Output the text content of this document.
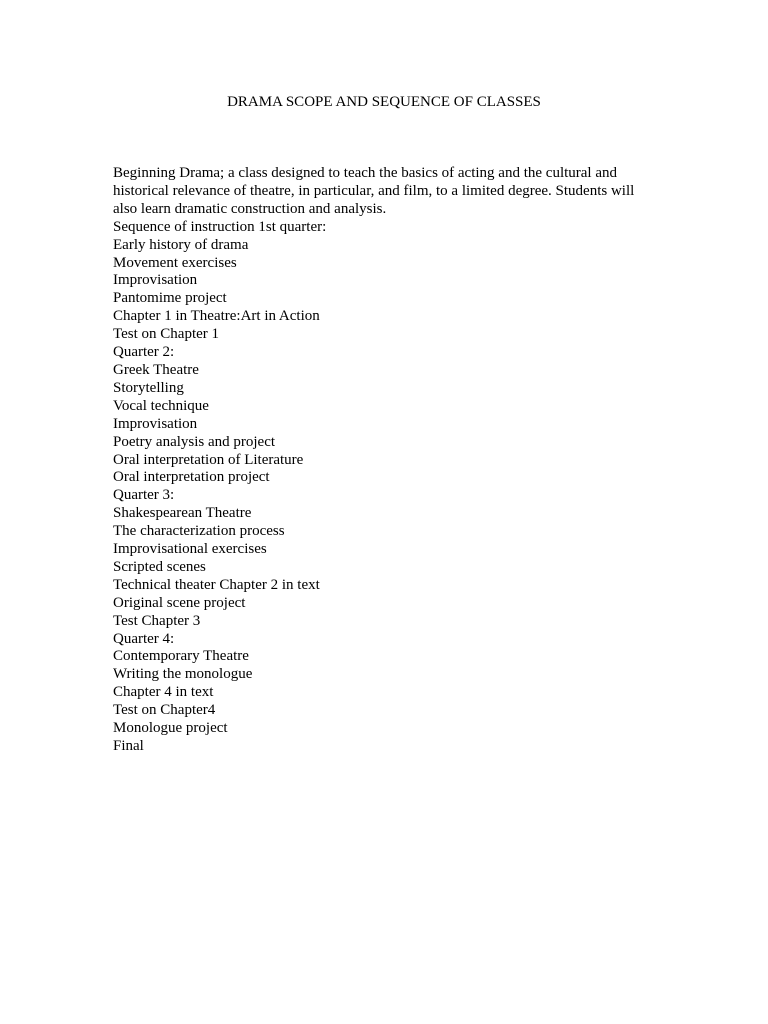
DRAMA SCOPE AND SEQUENCE OF CLASSES

Beginning Drama; a class designed to teach the basics of acting and the cultural and historical relevance of theatre, in particular, and film, to a limited degree. Students will also learn dramatic construction and analysis.

Sequence of instruction 1st quarter:
Early history of drama
Movement exercises
Improvisation
Pantomime project
Chapter 1 in Theatre:Art in Action
Test on Chapter 1
Quarter 2:
Greek Theatre
Storytelling
Vocal technique
Improvisation
Poetry analysis and project
Oral interpretation of Literature
Oral interpretation project
Quarter 3:
Shakespearean Theatre
The characterization process
Improvisational exercises
Scripted scenes
Technical theater Chapter 2 in text
Original scene project
Test Chapter 3
Quarter 4:
Contemporary Theatre
Writing the monologue
Chapter 4 in text
Test on Chapter4
Monologue project
Final
